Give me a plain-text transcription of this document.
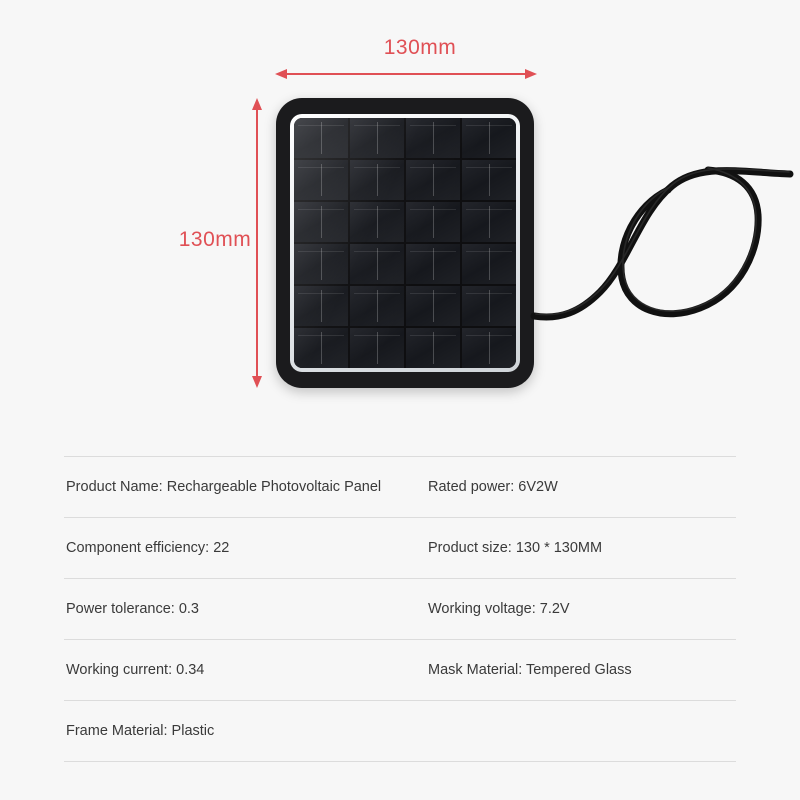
130mm
130mm
Product Name: Rechargeable Photovoltaic Panel	Rated power: 6V2W
Component efficiency: 22	Product size: 130 * 130MM
Power tolerance: 0.3	Working voltage: 7.2V
Working current: 0.34	Mask Material: Tempered Glass
Frame Material: Plastic
